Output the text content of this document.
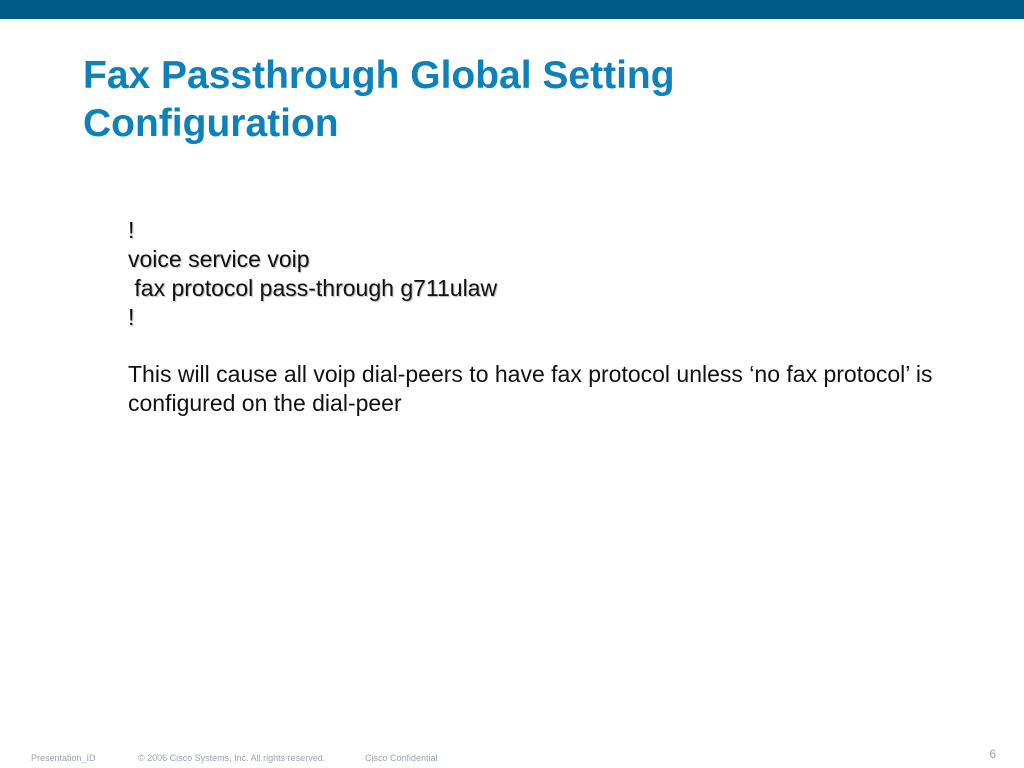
Fax Passthrough Global Setting
Configuration
!
voice service voip
fax protocol pass-through g711ulaw
!

This will cause all voip dial-peers to have fax protocol unless ‘no fax protocol’ is configured on the dial-peer

Presentation_ID	© 2006 Cisco Systems, Inc. All rights reserved.	Cisco Confidential	6
